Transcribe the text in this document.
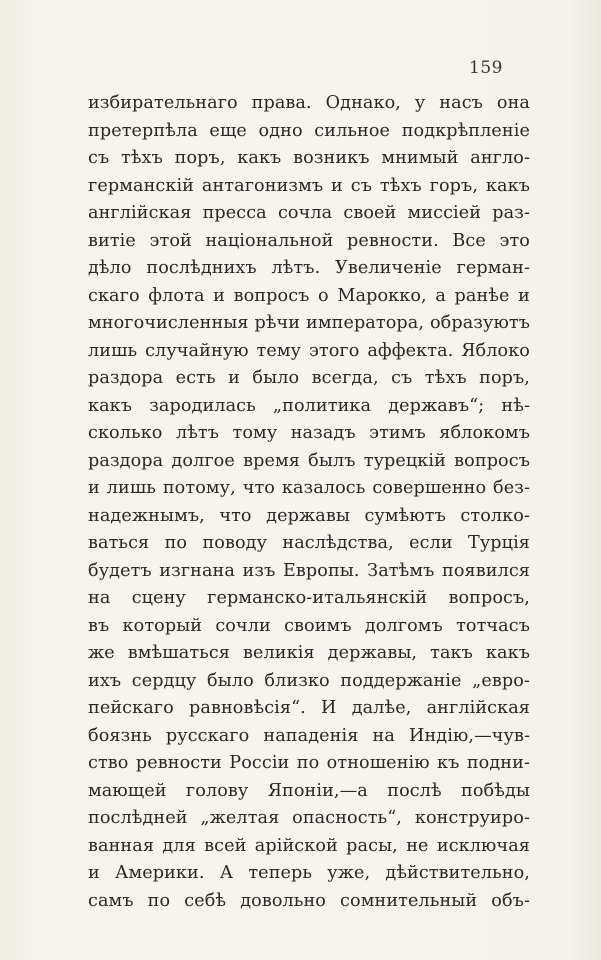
159
избирательнаго права. Однако, у насъ она
претерпѣла еще одно сильное подкрѣпленіе
съ тѣхъ поръ, какъ возникъ мнимый англо-
германскій антагонизмъ и съ тѣхъ горъ, какъ
англійская пресса сочла своей миссіей раз-
витіе этой національной ревности. Все это
дѣло послѣднихъ лѣтъ. Увеличеніе герман-
скаго флота и вопросъ о Марокко, а ранѣе и
многочисленныя рѣчи императора, образуютъ
лишь случайную тему этого аффекта. Яблоко
раздора есть и было всегда, съ тѣхъ поръ,
какъ зародилась „политика державъ“; нѣ-
сколько лѣтъ тому назадъ этимъ яблокомъ
раздора долгое время былъ турецкій вопросъ
и лишь потому, что казалось совершенно без-
надежнымъ, что державы сумѣютъ столко-
ваться по поводу наслѣдства, если Турція
будетъ изгнана изъ Европы. Затѣмъ появился
на сцену германско-итальянскій вопросъ,
въ который сочли своимъ долгомъ тотчасъ
же вмѣшаться великія державы, такъ какъ
ихъ сердцу было близко поддержаніе „евро-
пейскаго равновѣсія“. И далѣе, англійская
боязнь русскаго нападенія на Индію,—чув-
ство ревности Россіи по отношенію къ подни-
мающей голову Японіи,—а послѣ побѣды
послѣдней „желтая опасность“, конструиро-
ванная для всей арійской расы, не исключая
и Америки. А теперь уже, дѣйствительно,
самъ по себѣ довольно сомнительный объ-
